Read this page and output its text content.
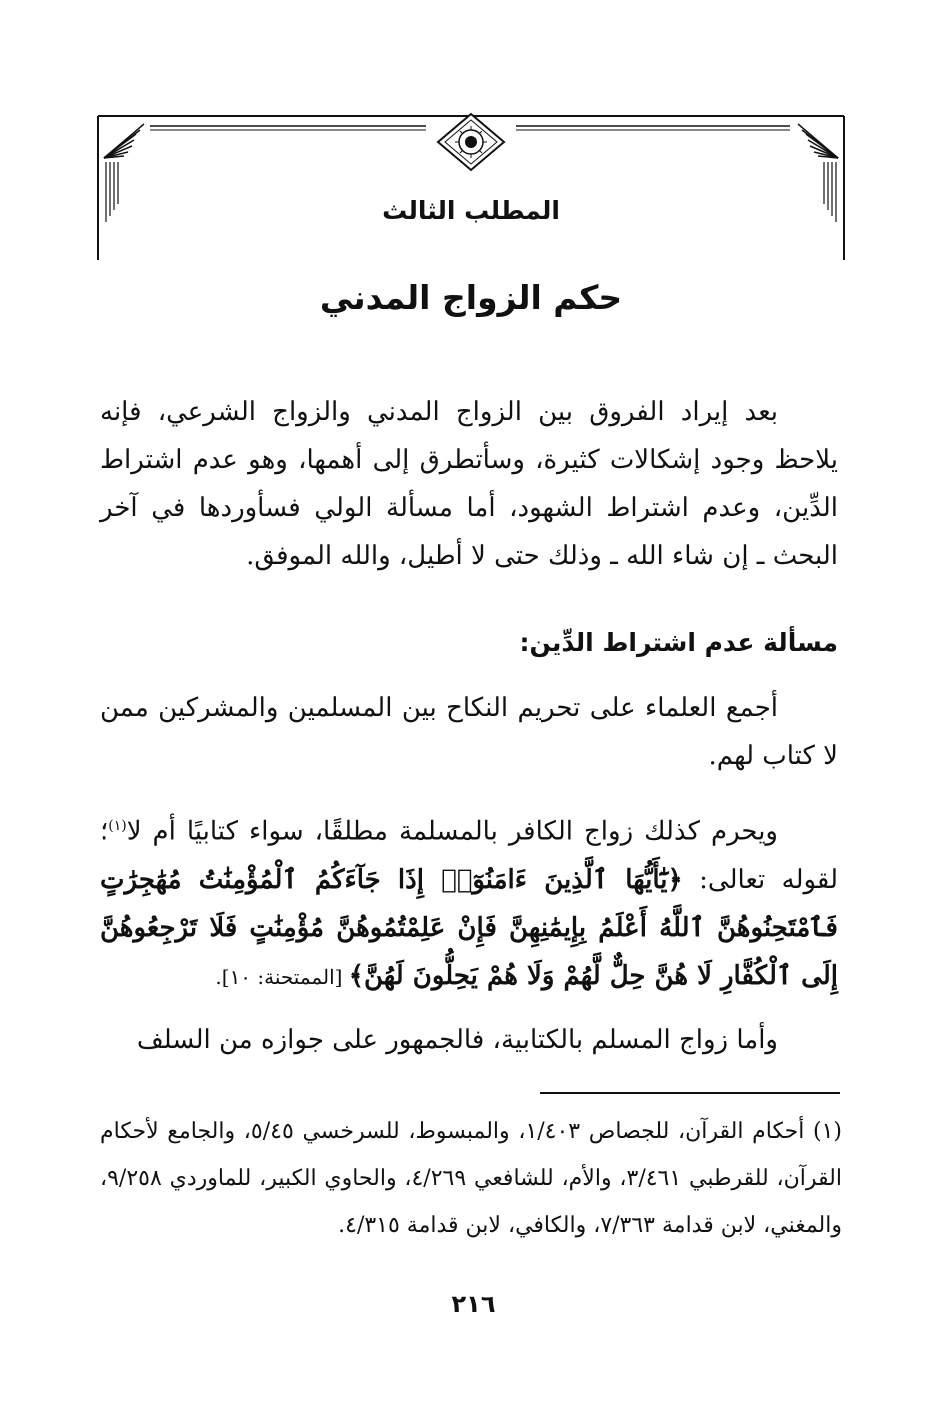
المطلب الثالث
حكم الزواج المدني

بعد إيراد الفروق بين الزواج المدني والزواج الشرعي، فإنه يلاحظ وجود إشكالات كثيرة، وسأتطرق إلى أهمها، وهو عدم اشتراط الدِّين، وعدم اشتراط الشهود، أما مسألة الولي فسأوردها في آخر البحث ـ إن شاء الله ـ وذلك حتى لا أطيل، والله الموفق.

مسألة عدم اشتراط الدِّين:

أجمع العلماء على تحريم النكاح بين المسلمين والمشركين ممن لا كتاب لهم.

ويحرم كذلك زواج الكافر بالمسلمة مطلقًا، سواء كتابيًا أم لا$^{(١)}$؛ لقوله تعالى: ﴿يَٰٓأَيُّهَا ٱلَّذِينَ ءَامَنُوٓا۟ إِذَا جَآءَكُمُ ٱلْمُؤْمِنَٰتُ مُهَٰجِرَٰتٍ فَٱمْتَحِنُوهُنَّ ٱللَّهُ أَعْلَمُ بِإِيمَٰنِهِنَّ فَإِنْ عَلِمْتُمُوهُنَّ مُؤْمِنَٰتٍ فَلَا تَرْجِعُوهُنَّ إِلَى ٱلْكُفَّارِ لَا هُنَّ حِلٌّ لَّهُمْ وَلَا هُمْ يَحِلُّونَ لَهُنَّ﴾ [الممتحنة: ١٠].

وأما زواج المسلم بالكتابية، فالجمهور على جوازه من السلف

(١) أحكام القرآن، للجصاص ١/٤٠٣، والمبسوط، للسرخسي ٥/٤٥، والجامع لأحكام القرآن، للقرطبي ٣/٤٦١، والأم، للشافعي ٤/٢٦٩، والحاوي الكبير، للماوردي ٩/٢٥٨، والمغني، لابن قدامة ٧/٣٦٣، والكافي، لابن قدامة ٤/٣١٥.

٢١٦
